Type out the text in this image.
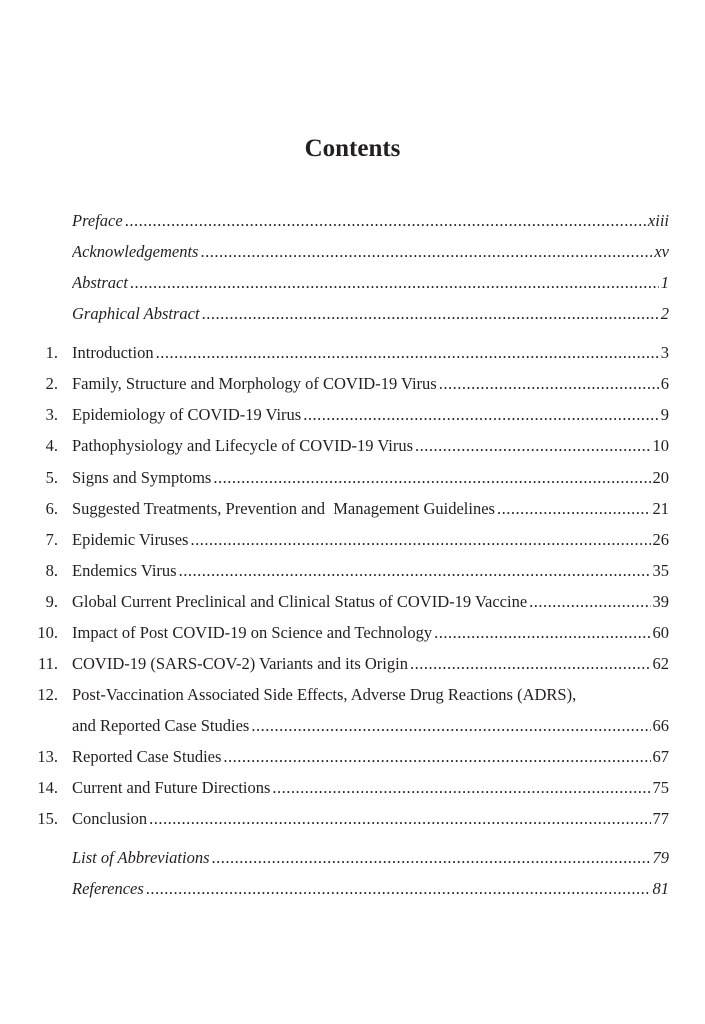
Contents
Preface .....	xiii
Acknowledgements .....	xv
Abstract .....	1
Graphical Abstract .....	2
1. Introduction .....	3
2. Family, Structure and Morphology of COVID-19 Virus .....	6
3. Epidemiology of COVID-19 Virus .....	9
4. Pathophysiology and Lifecycle of COVID-19 Virus .....	10
5. Signs and Symptoms .....	20
6. Suggested Treatments, Prevention and  Management Guidelines .....	21
7. Epidemic Viruses .....	26
8. Endemics Virus .....	35
9. Global Current Preclinical and Clinical Status of COVID-19 Vaccine .....	39
10. Impact of Post COVID-19 on Science and Technology .....	60
11. COVID-19 (SARS-COV-2) Variants and its Origin .....	62
12. Post-Vaccination Associated Side Effects, Adverse Drug Reactions (ADRS),
and Reported Case Studies .....	66
13. Reported Case Studies .....	67
14. Current and Future Directions .....	75
15. Conclusion .....	77
List of Abbreviations .....	79
References .....	81
